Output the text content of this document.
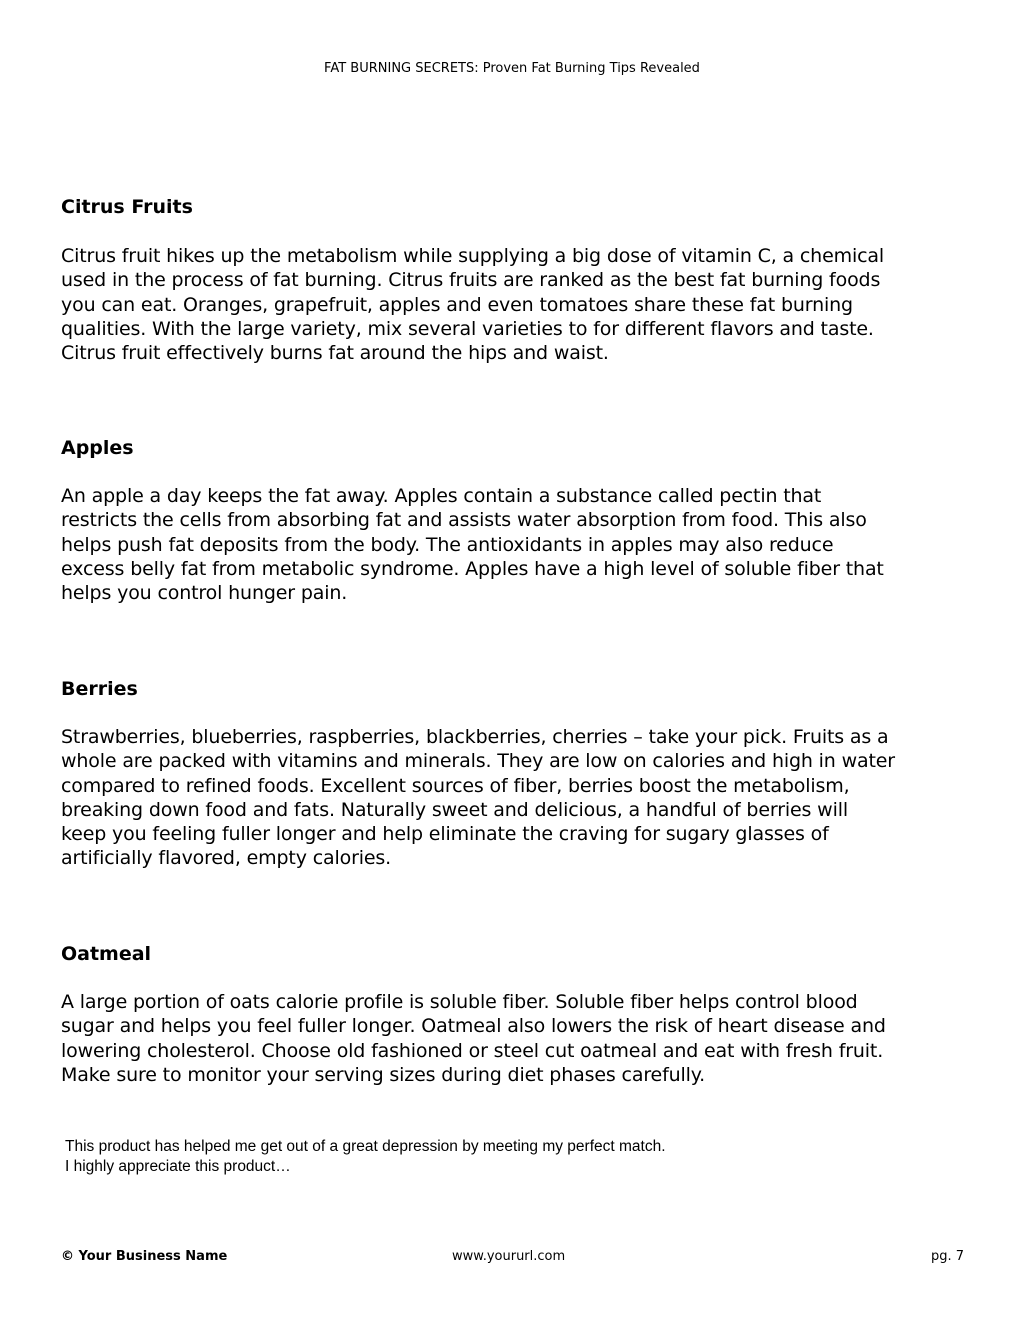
FAT BURNING SECRETS: Proven Fat Burning Tips Revealed
Citrus Fruits
Citrus fruit hikes up the metabolism while supplying a big dose of vitamin C, a chemical
used in the process of fat burning. Citrus fruits are ranked as the best fat burning foods
you can eat. Oranges, grapefruit, apples and even tomatoes share these fat burning
qualities. With the large variety, mix several varieties to for different flavors and taste.
Citrus fruit effectively burns fat around the hips and waist.
Apples
An apple a day keeps the fat away. Apples contain a substance called pectin that
restricts the cells from absorbing fat and assists water absorption from food. This also
helps push fat deposits from the body. The antioxidants in apples may also reduce
excess belly fat from metabolic syndrome. Apples have a high level of soluble fiber that
helps you control hunger pain.
Berries
Strawberries, blueberries, raspberries, blackberries, cherries – take your pick. Fruits as a
whole are packed with vitamins and minerals. They are low on calories and high in water
compared to refined foods. Excellent sources of fiber, berries boost the metabolism,
breaking down food and fats. Naturally sweet and delicious, a handful of berries will
keep you feeling fuller longer and help eliminate the craving for sugary glasses of
artificially flavored, empty calories.
Oatmeal
A large portion of oats calorie profile is soluble fiber. Soluble fiber helps control blood
sugar and helps you feel fuller longer. Oatmeal also lowers the risk of heart disease and
lowering cholesterol. Choose old fashioned or steel cut oatmeal and eat with fresh fruit.
Make sure to monitor your serving sizes during diet phases carefully.
This product has helped me get out of a great depression by meeting my perfect match.
I highly appreciate this product…
© Your Business Name	www.yoururl.com	pg. 7
